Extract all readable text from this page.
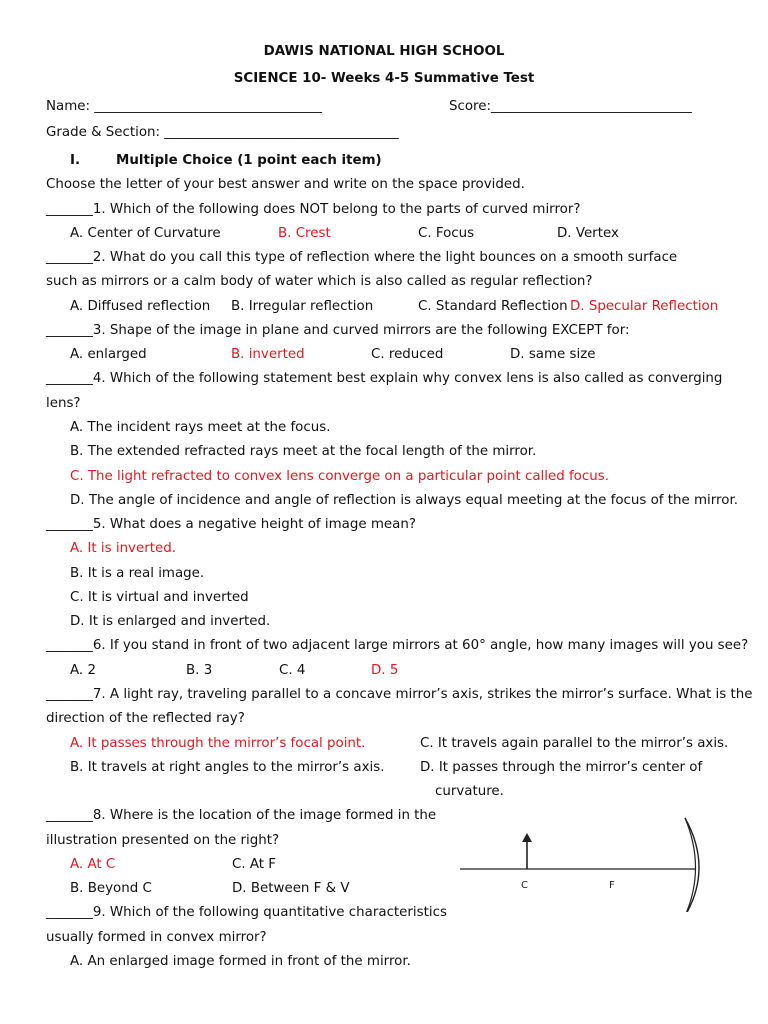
DAWIS NATIONAL HIGH SCHOOL
SCIENCE 10- Weeks 4-5 Summative Test
Name: __________________________________	Score:______________________________
Grade & Section: ___________________________________
I.	Multiple Choice (1 point each item)
Choose the letter of your best answer and write on the space provided.
_______1. Which of the following does NOT belong to the parts of curved mirror?
A. Center of Curvature	B. Crest	C. Focus	D. Vertex
_______2. What do you call this type of reflection where the light bounces on a smooth surface
such as mirrors or a calm body of water which is also called as regular reflection?
A. Diffused reflection B. Irregular reflection	C. Standard Reflection D. Specular Reflection
_______3. Shape of the image in plane and curved mirrors are the following EXCEPT for:
A. enlarged	B. inverted	C. reduced	D. same size
_______4. Which of the following statement best explain why convex lens is also called as converging
lens?
A. The incident rays meet at the focus.
B. The extended refracted rays meet at the focal length of the mirror.
C. The light refracted to convex lens converge on a particular point called focus.
D. The angle of incidence and angle of reflection is always equal meeting at the focus of the mirror.
_______5. What does a negative height of image mean?
A. It is inverted.
B. It is a real image.
C. It is virtual and inverted
D. It is enlarged and inverted.
_______6. If you stand in front of two adjacent large mirrors at 60° angle, how many images will you see?
A. 2	B. 3	C. 4	D. 5
_______7. A light ray, traveling parallel to a concave mirror’s axis, strikes the mirror’s surface. What is the
direction of the reflected ray?
A. It passes through the mirror’s focal point.	C. It travels again parallel to the mirror’s axis.
B. It travels at right angles to the mirror’s axis.	D. It passes through the mirror’s center of
curvature.
_______8. Where is the location of the image formed in the
illustration presented on the right?
A. At C	C. At F
B. Beyond C	D. Between F & V
_______9. Which of the following quantitative characteristics
usually formed in convex mirror?
A. An enlarged image formed in front of the mirror.
C	F
